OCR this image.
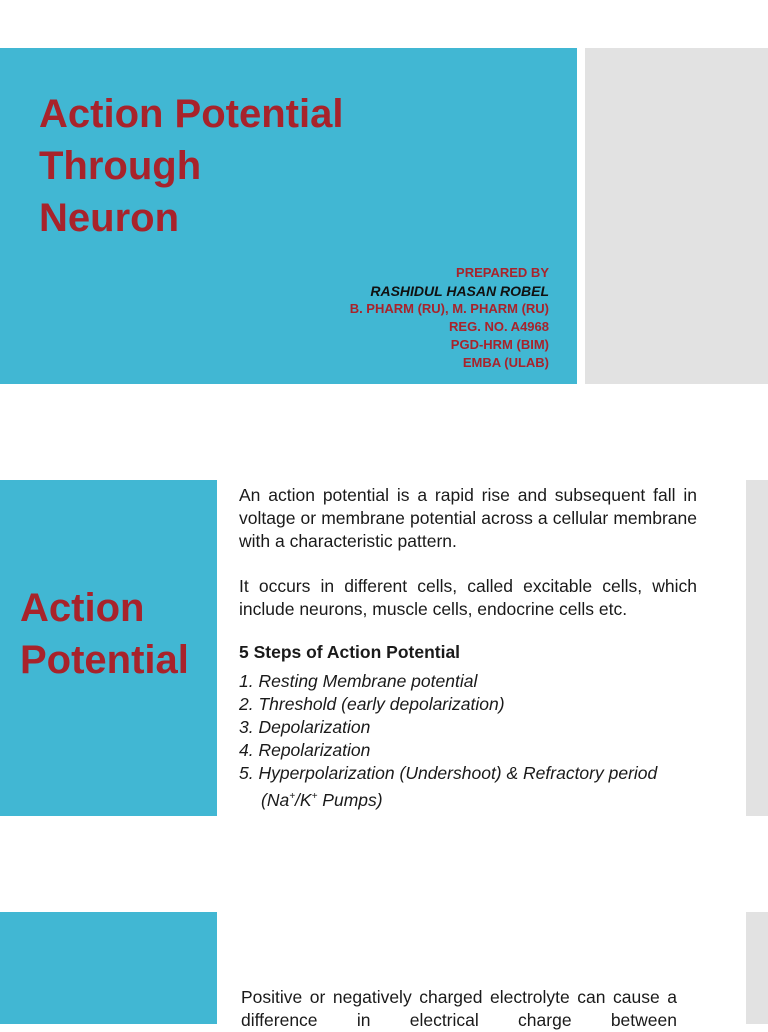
Action Potential
Through
Neuron
PREPARED BY
RASHIDUL HASAN ROBEL
B. PHARM (RU), M. PHARM (RU)
REG. NO. A4968
PGD-HRM (BIM)
EMBA (ULAB)
Action
Potential

An action potential is a rapid rise and subsequent fall in voltage or membrane potential across a cellular membrane with a characteristic pattern.

It occurs in different cells, called excitable cells, which include neurons, muscle cells, endocrine cells etc.

5 Steps of Action Potential
1. Resting Membrane potential
2. Threshold (early depolarization)
3. Depolarization
4. Repolarization
5. Hyperpolarization (Undershoot) & Refractory period (Na+/K+ Pumps)

Positive or negatively charged electrolyte can cause a difference in electrical charge between
